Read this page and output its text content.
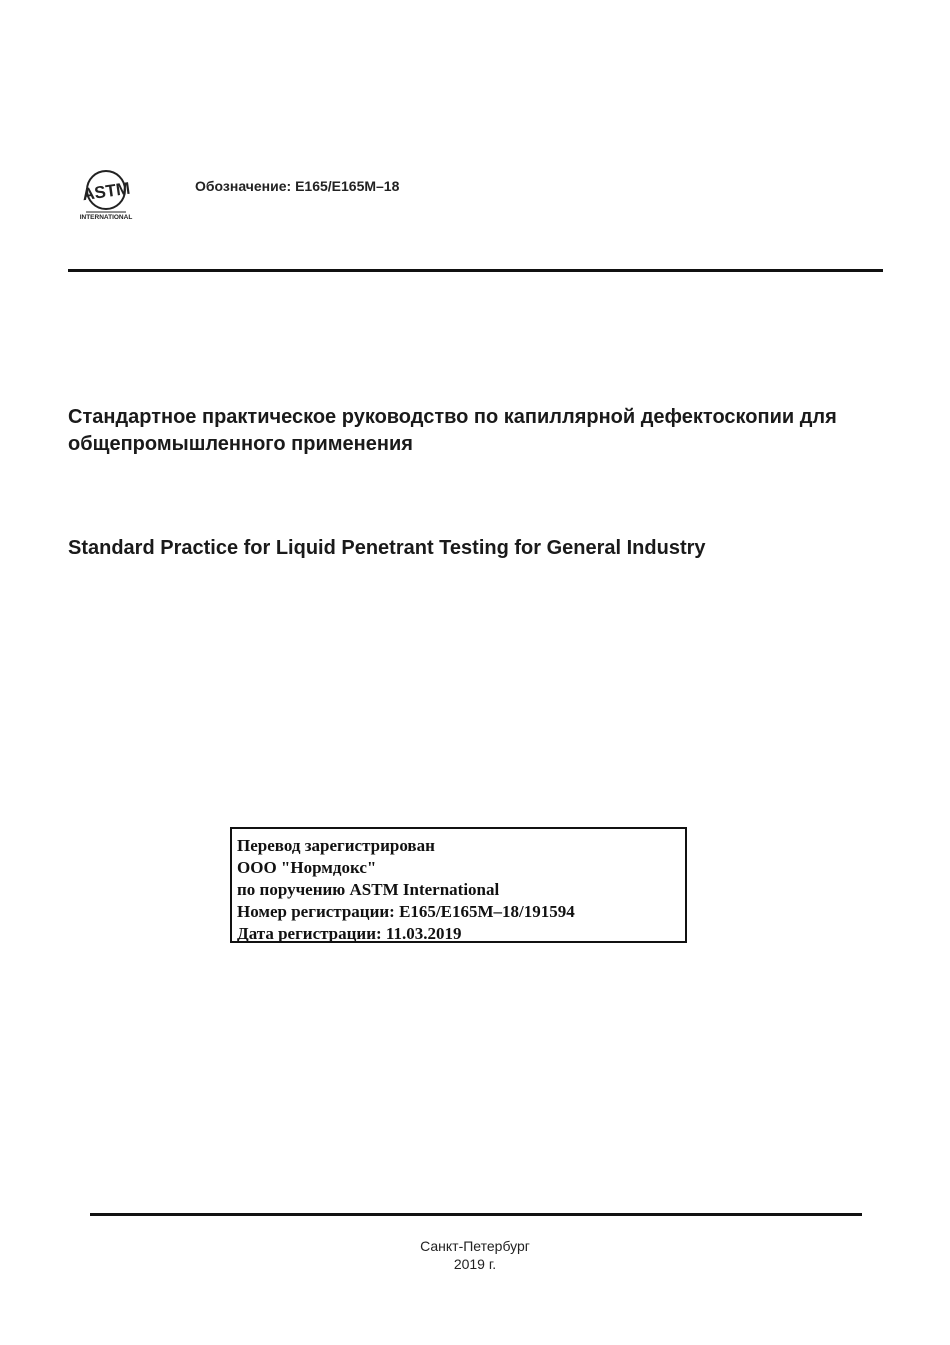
ASTM
INTERNATIONAL
Обозначение: E165/E165M–18
Стандартное практическое руководство по капиллярной дефектоскопии для общепромышленного применения
Standard Practice for Liquid Penetrant Testing for General Industry
Перевод зарегистрирован
ООО "Нормдокс"
по поручению ASTM International
Номер регистрации: E165/E165M–18/191594
Дата регистрации: 11.03.2019
Санкт-Петербург
2019 г.
